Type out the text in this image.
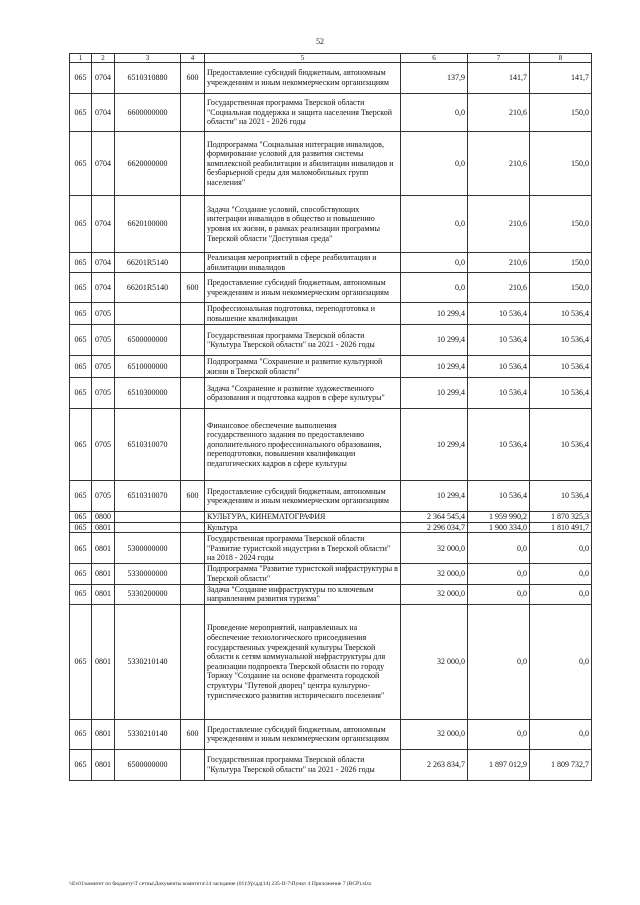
52
1	2	3	4	5	6	7	8
065	0704	6510310880	600	Предоставление субсидий бюджетным, автономным учреждениям и иным некоммерческим организациям	137,9	141,7	141,7
065	0704	6600000000		Государственная программа Тверской области "Социальная поддержка и защита населения Тверской области" на 2021 - 2026 годы	0,0	210,6	150,0
065	0704	6620000000		Подпрограмма "Социальная интеграция инвалидов, формирование условий для развития системы комплексной реабилитации и абилитации инвалидов и безбарьерной среды для маломобильных групп населения"	0,0	210,6	150,0
065	0704	6620100000		Задача "Создание условий, способствующих интеграции инвалидов в общество и повышению уровня их жизни, в рамках реализации программы Тверской области "Доступная среда"	0,0	210,6	150,0
065	0704	66201R5140		Реализация мероприятий в сфере реабилитации и абилитации инвалидов	0,0	210,6	150,0
065	0704	66201R5140	600	Предоставление субсидий бюджетным, автономным учреждениям и иным некоммерческим организациям	0,0	210,6	150,0
065	0705			Профессиональная подготовка, переподготовка и повышение квалификации	10 299,4	10 536,4	10 536,4
065	0705	6500000000		Государственная программа Тверской области "Культура Тверской области" на 2021 - 2026 годы	10 299,4	10 536,4	10 536,4
065	0705	6510000000		Подпрограмма "Сохранение и развитие культурной жизни в Тверской области"	10 299,4	10 536,4	10 536,4
065	0705	6510300000		Задача "Сохранение и развитие художественного образования и подготовка кадров в сфере культуры"	10 299,4	10 536,4	10 536,4
065	0705	6510310070		Финансовое обеспечение выполнения государственного задания по предоставлению дополнительного профессионального образования, переподготовки, повышения квалификации педагогических кадров в сфере культуры	10 299,4	10 536,4	10 536,4
065	0705	6510310070	600	Предоставление субсидий бюджетным, автономным учреждениям и иным некоммерческим организациям	10 299,4	10 536,4	10 536,4
065	0800			КУЛЬТУРА, КИНЕМАТОГРАФИЯ	2 364 545,4	1 959 990,2	1 870 325,3
065	0801			Культура	2 296 034,7	1 900 334,0	1 810 491,7
065	0801	5300000000		Государственная программа Тверской области "Развитие туристской индустрии в Тверской области" на 2018 - 2024 годы	32 000,0	0,0	0,0
065	0801	5330000000		Подпрограмма "Развитие туристской инфраструктуры в Тверской области"	32 000,0	0,0	0,0
065	0801	5330200000		Задача "Создание инфраструктуры по ключевым направлениям развития туризма"	32 000,0	0,0	0,0
065	0801	5330210140		Проведение мероприятий, направленных на обеспечение технологического присоединения государственных учреждений культуры Тверской области к сетям коммунальной инфраструктуры для реализации подпроекта Тверской области по городу Торжку "Создание на основе фрагмента городской структуры "Путевой дворец" центра культурно-туристического развития исторического поселения"	32 000,0	0,0	0,0
065	0801	5330210140	600	Предоставление субсидий бюджетным, автономным учреждениям и иным некоммерческим организациям	32 000,0	0,0	0,0
065	0801	6500000000		Государственная программа Тверской области "Культура Тверской области" на 2021 - 2026 годы	2 263 834,7	1 897 012,9	1 809 732,7
\\Ev01\комитет по бюджету\Т сетиы\Документы комитета\14 заседание (01)\Ур\дд(14) 235-П-7\Пункт 4 Приложение 7 (ВСР).xlsx
